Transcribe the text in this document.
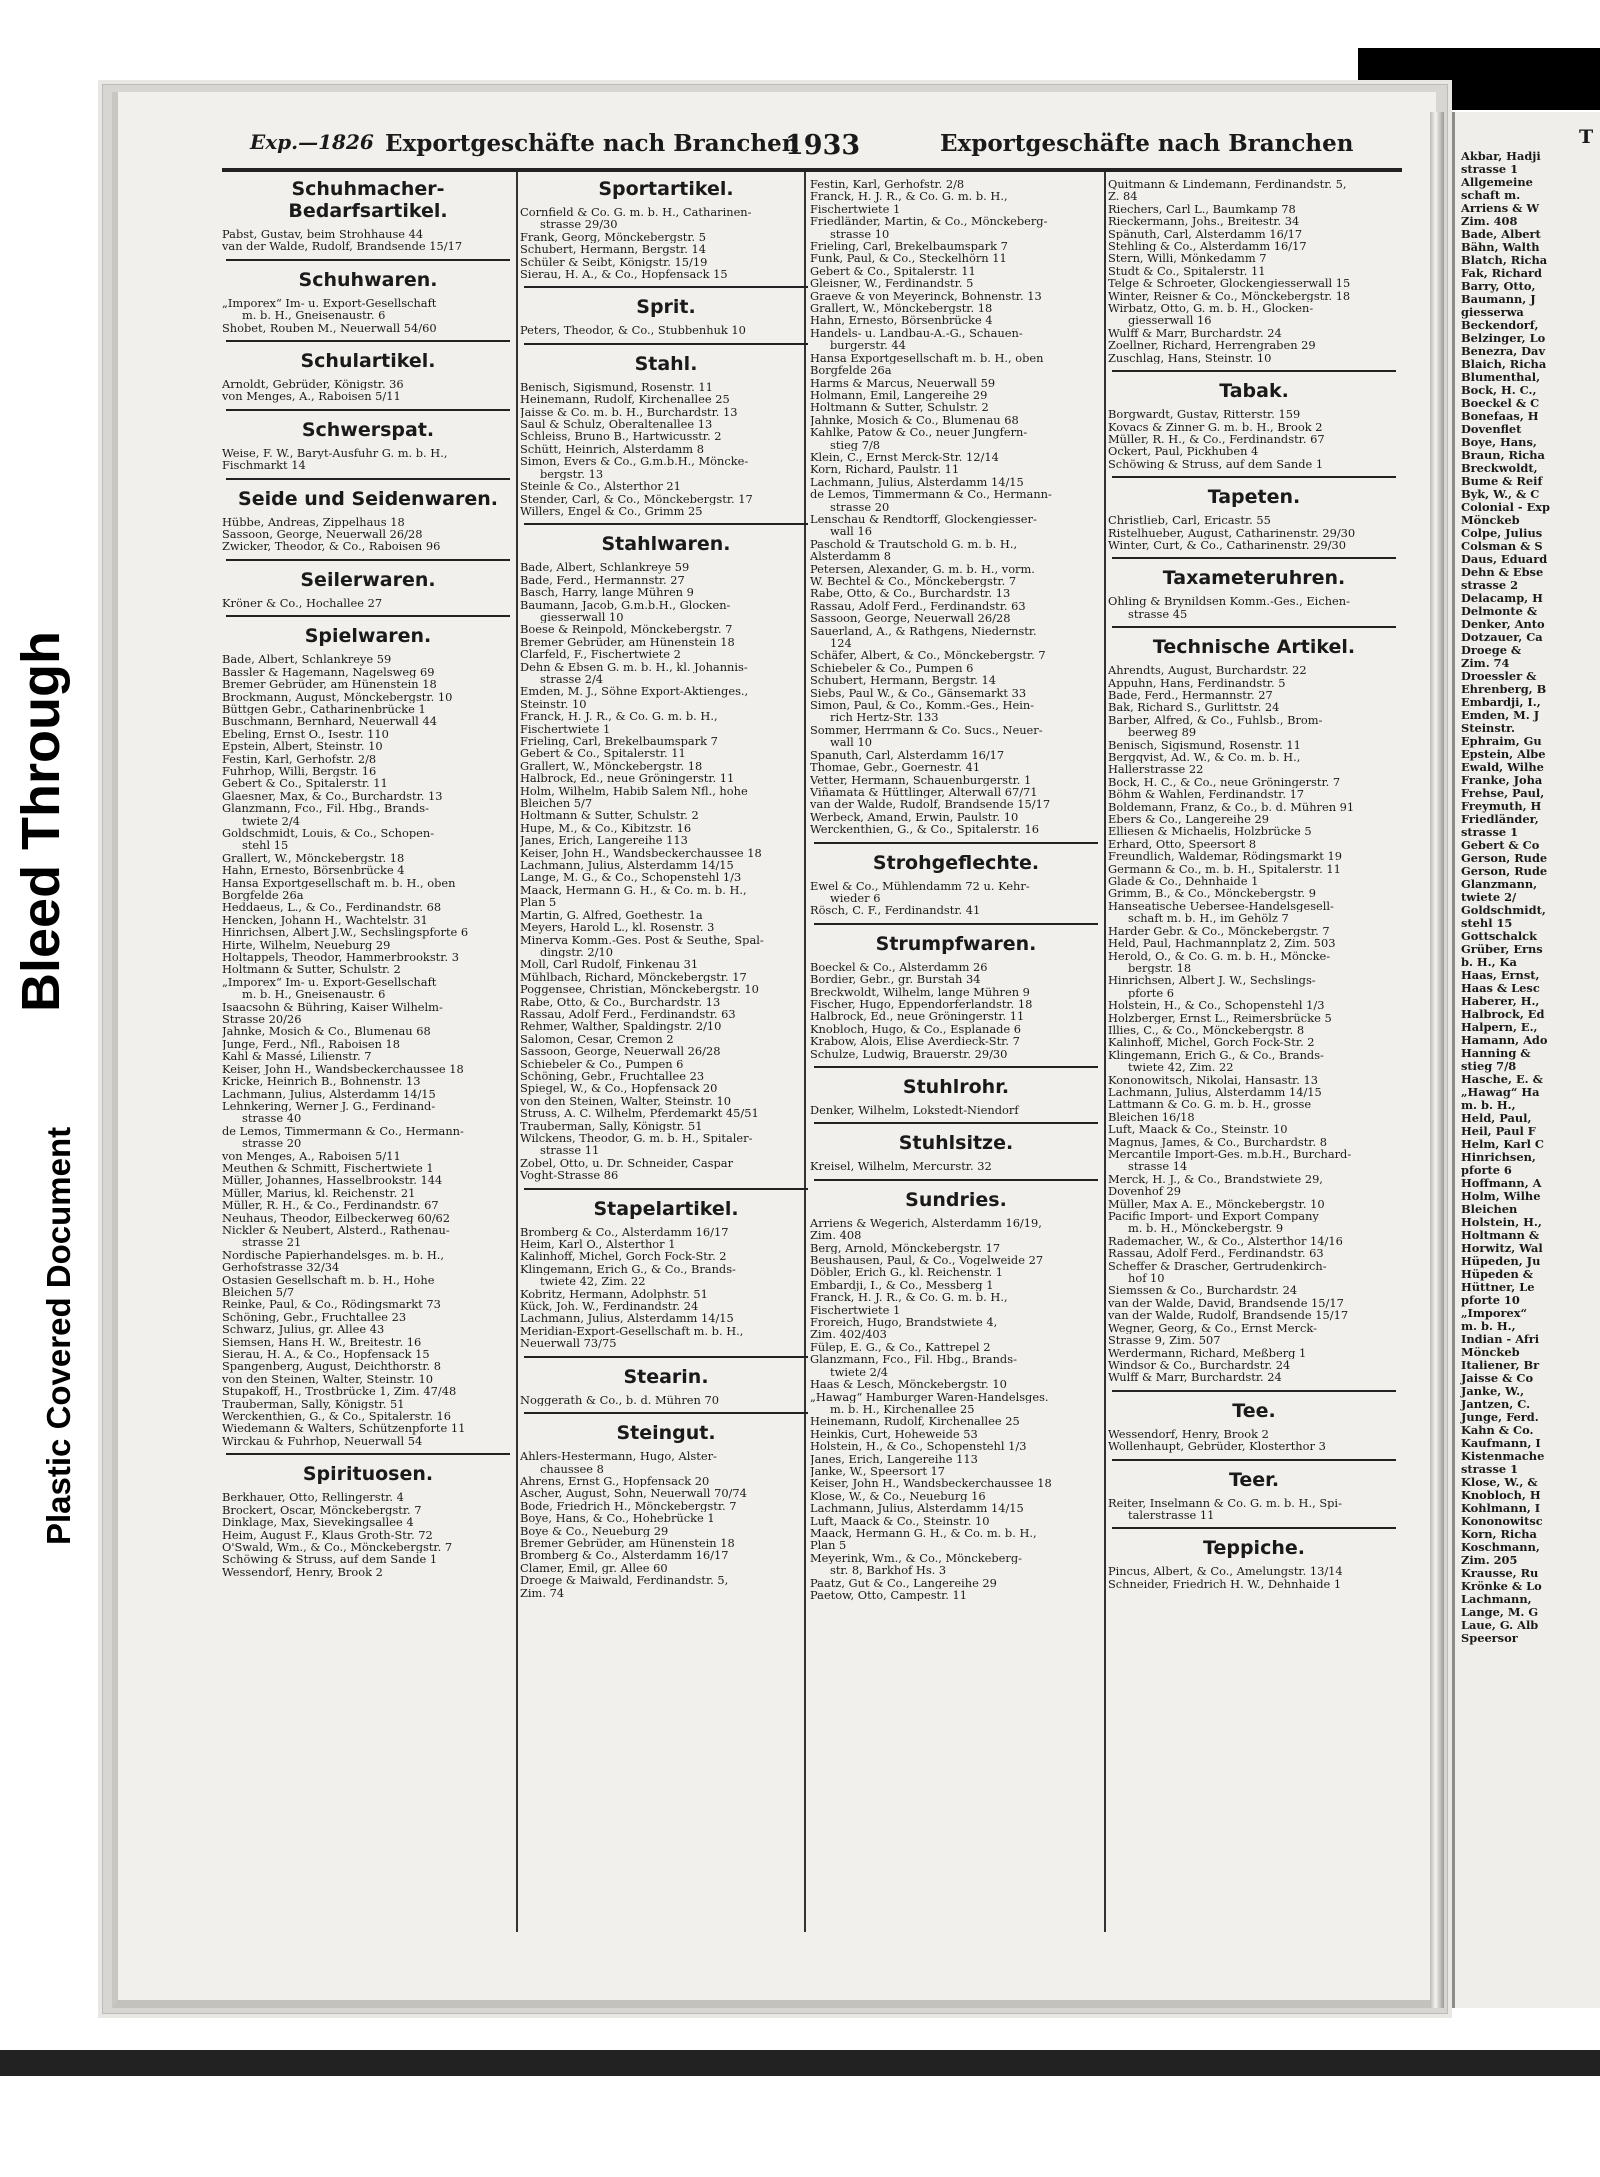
Bleed Through
Plastic Covered Document
T
Akbar, Hadji
strasse 1
Allgemeine
schaft m.
Arriens & W
Zim. 408
Bade, Albert
Bähn, Walth
Blatch, Richa
Fak, Richard
Barry, Otto,
Baumann, J
giesserwa
Beckendorf,
Belzinger, Lo
Benezra, Dav
Blaich, Richa
Blumenthal,
Bock, H. C.,
Boeckel & C
Bonefaas, H
Dovenflet
Boye, Hans,
Braun, Richa
Breckwoldt,
Bume & Reif
Byk, W., & C
Colonial - Exp
Mönckeb
Colpe, Julius
Colsman & S
Daus, Eduard
Dehn & Ebse
strasse 2
Delacamp, H
Delmonte &
Denker, Anto
Dotzauer, Ca
Droege &
Zim. 74
Droessler &
Ehrenberg, B
Embardji, I.,
Emden, M. J
Steinstr.
Ephraim, Gu
Epstein, Albe
Ewald, Wilhe
Franke, Joha
Frehse, Paul,
Freymuth, H
Friedländer,
strasse 1
Gebert & Co
Gerson, Rude
Gerson, Rude
Glanzmann,
twiete 2/
Goldschmidt,
stehl 15
Gottschalck
Grüber, Erns
b. H., Ka
Haas, Ernst,
Haas & Lesc
Haberer, H.,
Halbrock, Ed
Halpern, E.,
Hamann, Ado
Hanning &
stieg 7/8
Hasche, E. &
„Hawag“ Ha
m. b. H.,
Held, Paul,
Heil, Paul F
Helm, Karl C
Hinrichsen,
pforte 6
Hoffmann, A
Holm, Wilhe
Bleichen
Holstein, H.,
Holtmann &
Horwitz, Wal
Hüpeden, Ju
Hüpeden &
Hüttner, Le
pforte 10
„Imporex“
m. b. H.,
Indian - Afri
Mönckeb
Italiener, Br
Jaisse & Co
Janke, W.,
Jantzen, C.
Junge, Ferd.
Kahn & Co.
Kaufmann, I
Kistenmache
strasse 1
Klose, W., &
Knobloch, H
Kohlmann, I
Kononowitsc
Korn, Richa
Koschmann,
Zim. 205
Krausse, Ru
Krönke & Lo
Lachmann,
Lange, M. G
Laue, G. Alb
Speersor
Exp.—1826 Exportgeschäfte nach Branchen
1933	Exportgeschäfte nach Branchen
Schuhmacher-Bedarfsartikel.
Pabst, Gustav, beim Strohhause 44
van der Walde, Rudolf, Brandsende 15/17
Schuhwaren.
„Imporex“ Im- u. Export-Gesellschaft
m. b. H., Gneisenaustr. 6
Shobet, Rouben M., Neuerwall 54/60
Schulartikel.
Arnoldt, Gebrüder, Königstr. 36
von Menges, A., Raboisen 5/11
Schwerspat.
Weise, F. W., Baryt-Ausfuhr G. m. b. H.,
Fischmarkt 14
Seide und Seidenwaren.
Hübbe, Andreas, Zippelhaus 18
Sassoon, George, Neuerwall 26/28
Zwicker, Theodor, & Co., Raboisen 96
Seilerwaren.
Kröner & Co., Hochallee 27
Spielwaren.
Bade, Albert, Schlankreye 59
Bassler & Hagemann, Nagelsweg 69
Bremer Gebrüder, am Hünenstein 18
Brockmann, August, Mönckebergstr. 10
Büttgen Gebr., Catharinenbrücke 1
Buschmann, Bernhard, Neuerwall 44
Ebeling, Ernst O., Isestr. 110
Epstein, Albert, Steinstr. 10
Festin, Karl, Gerhofstr. 2/8
Fuhrhop, Willi, Bergstr. 16
Gebert & Co., Spitalerstr. 11
Glaesner, Max, & Co., Burchardstr. 13
Glanzmann, Fco., Fil. Hbg., Brands-
twiete 2/4
Goldschmidt, Louis, & Co., Schopen-
stehl 15
Grallert, W., Mönckebergstr. 18
Hahn, Ernesto, Börsenbrücke 4
Hansa Exportgesellschaft m. b. H., oben
Borgfelde 26a
Heddaeus, L., & Co., Ferdinandstr. 68
Hencken, Johann H., Wachtelstr. 31
Hinrichsen, Albert J.W., Sechslingspforte 6
Hirte, Wilhelm, Neueburg 29
Holtappels, Theodor, Hammerbrookstr. 3
Holtmann & Sutter, Schulstr. 2
„Imporex“ Im- u. Export-Gesellschaft
m. b. H., Gneisenaustr. 6
Isaacsohn & Bühring, Kaiser Wilhelm-
Strasse 20/26
Jahnke, Mosich & Co., Blumenau 68
Junge, Ferd., Nfl., Raboisen 18
Kahl & Massé, Lilienstr. 7
Keiser, John H., Wandsbeckerchaussee 18
Kricke, Heinrich B., Bohnenstr. 13
Lachmann, Julius, Alsterdamm 14/15
Lehnkering, Werner J. G., Ferdinand-
strasse 40
de Lemos, Timmermann & Co., Hermann-
strasse 20
von Menges, A., Raboisen 5/11
Meuthen & Schmitt, Fischertwiete 1
Müller, Johannes, Hasselbrookstr. 144
Müller, Marius, kl. Reichenstr. 21
Müller, R. H., & Co., Ferdinandstr. 67
Neuhaus, Theodor, Eilbeckerweg 60/62
Nickler & Neubert, Alsterd., Rathenau-
strasse 21
Nordische Papierhandelsges. m. b. H.,
Gerhofstrasse 32/34
Ostasien Gesellschaft m. b. H., Hohe
Bleichen 5/7
Reinke, Paul, & Co., Rödingsmarkt 73
Schöning, Gebr., Fruchtallee 23
Schwarz, Julius, gr. Allee 43
Siemsen, Hans H. W., Breitestr. 16
Sierau, H. A., & Co., Hopfensack 15
Spangenberg, August, Deichthorstr. 8
von den Steinen, Walter, Steinstr. 10
Stupakoff, H., Trostbrücke 1, Zim. 47/48
Trauberman, Sally, Königstr. 51
Werckenthien, G., & Co., Spitalerstr. 16
Wiedemann & Walters, Schützenpforte 11
Wirckau & Fuhrhop, Neuerwall 54
Spirituosen.
Berkhauer, Otto, Rellingerstr. 4
Brockert, Oscar, Mönckebergstr. 7
Dinklage, Max, Sievekingsallee 4
Heim, August F., Klaus Groth-Str. 72
O'Swald, Wm., & Co., Mönckebergstr. 7
Schöwing & Struss, auf dem Sande 1
Wessendorf, Henry, Brook 2
Sportartikel.
Cornfield & Co. G. m. b. H., Catharinen-
strasse 29/30
Frank, Georg, Mönckebergstr. 5
Schubert, Hermann, Bergstr. 14
Schüler & Seibt, Königstr. 15/19
Sierau, H. A., & Co., Hopfensack 15
Sprit.
Peters, Theodor, & Co., Stubbenhuk 10
Stahl.
Benisch, Sigismund, Rosenstr. 11
Heinemann, Rudolf, Kirchenallee 25
Jaisse & Co. m. b. H., Burchardstr. 13
Saul & Schulz, Oberaltenallee 13
Schleiss, Bruno B., Hartwicusstr. 2
Schütt, Heinrich, Alsterdamm 8
Simon, Evers & Co., G.m.b.H., Möncke-
bergstr. 13
Steinle & Co., Alsterthor 21
Stender, Carl, & Co., Mönckebergstr. 17
Willers, Engel & Co., Grimm 25
Stahlwaren.
Bade, Albert, Schlankreye 59
Bade, Ferd., Hermannstr. 27
Basch, Harry, lange Mühren 9
Baumann, Jacob, G.m.b.H., Glocken-
giesserwall 10
Boese & Reinpold, Mönckebergstr. 7
Bremer Gebrüder, am Hünenstein 18
Clarfeld, F., Fischertwiete 2
Dehn & Ebsen G. m. b. H., kl. Johannis-
strasse 2/4
Emden, M. J., Söhne Export-Aktienges.,
Steinstr. 10
Franck, H. J. R., & Co. G. m. b. H.,
Fischertwiete 1
Frieling, Carl, Brekelbaumspark 7
Gebert & Co., Spitalerstr. 11
Grallert, W., Mönckebergstr. 18
Halbrock, Ed., neue Gröningerstr. 11
Holm, Wilhelm, Habib Salem Nfl., hohe
Bleichen 5/7
Holtmann & Sutter, Schulstr. 2
Hupe, M., & Co., Kibitzstr. 16
Janes, Erich, Langereihe 113
Keiser, John H., Wandsbeckerchaussee 18
Lachmann, Julius, Alsterdamm 14/15
Lange, M. G., & Co., Schopenstehl 1/3
Maack, Hermann G. H., & Co. m. b. H.,
Plan 5
Martin, G. Alfred, Goethestr. 1a
Meyers, Harold L., kl. Rosenstr. 3
Minerva Komm.-Ges. Post & Seuthe, Spal-
dingstr. 2/10
Moll, Carl Rudolf, Finkenau 31
Mühlbach, Richard, Mönckebergstr. 17
Poggensee, Christian, Mönckebergstr. 10
Rabe, Otto, & Co., Burchardstr. 13
Rassau, Adolf Ferd., Ferdinandstr. 63
Rehmer, Walther, Spaldingstr. 2/10
Salomon, Cesar, Cremon 2
Sassoon, George, Neuerwall 26/28
Schiebeler & Co., Pumpen 6
Schöning, Gebr., Fruchtallee 23
Spiegel, W., & Co., Hopfensack 20
von den Steinen, Walter, Steinstr. 10
Struss, A. C. Wilhelm, Pferdemarkt 45/51
Trauberman, Sally, Königstr. 51
Wilckens, Theodor, G. m. b. H., Spitaler-
strasse 11
Zobel, Otto, u. Dr. Schneider, Caspar
Voght-Strasse 86
Stapelartikel.
Bromberg & Co., Alsterdamm 16/17
Heim, Karl O., Alsterthor 1
Kalinhoff, Michel, Gorch Fock-Str. 2
Klingemann, Erich G., & Co., Brands-
twiete 42, Zim. 22
Kobritz, Hermann, Adolphstr. 51
Kück, Joh. W., Ferdinandstr. 24
Lachmann, Julius, Alsterdamm 14/15
Meridian-Export-Gesellschaft m. b. H.,
Neuerwall 73/75
Stearin.
Noggerath & Co., b. d. Mühren 70
Steingut.
Ahlers-Hestermann, Hugo, Alster-
chaussee 8
Ahrens, Ernst G., Hopfensack 20
Ascher, August, Sohn, Neuerwall 70/74
Bode, Friedrich H., Mönckebergstr. 7
Boye, Hans, & Co., Hohebrücke 1
Boye & Co., Neueburg 29
Bremer Gebrüder, am Hünenstein 18
Bromberg & Co., Alsterdamm 16/17
Clamer, Emil, gr. Allee 60
Droege & Maiwald, Ferdinandstr. 5,
Zim. 74
Festin, Karl, Gerhofstr. 2/8
Franck, H. J. R., & Co. G. m. b. H.,
Fischertwiete 1
Friedländer, Martin, & Co., Mönckeberg-
strasse 10
Frieling, Carl, Brekelbaumspark 7
Funk, Paul, & Co., Steckelhörn 11
Gebert & Co., Spitalerstr. 11
Gleisner, W., Ferdinandstr. 5
Graeve & von Meyerinck, Bohnenstr. 13
Grallert, W., Mönckebergstr. 18
Hahn, Ernesto, Börsenbrücke 4
Handels- u. Landbau-A.-G., Schauen-
burgerstr. 44
Hansa Exportgesellschaft m. b. H., oben
Borgfelde 26a
Harms & Marcus, Neuerwall 59
Holmann, Emil, Langereihe 29
Holtmann & Sutter, Schulstr. 2
Jahnke, Mosich & Co., Blumenau 68
Kahlke, Patow & Co., neuer Jungfern-
stieg 7/8
Klein, C., Ernst Merck-Str. 12/14
Korn, Richard, Paulstr. 11
Lachmann, Julius, Alsterdamm 14/15
de Lemos, Timmermann & Co., Hermann-
strasse 20
Lenschau & Rendtorff, Glockengiesser-
wall 16
Paschold & Trautschold G. m. b. H.,
Alsterdamm 8
Petersen, Alexander, G. m. b. H., vorm.
W. Bechtel & Co., Mönckebergstr. 7
Rabe, Otto, & Co., Burchardstr. 13
Rassau, Adolf Ferd., Ferdinandstr. 63
Sassoon, George, Neuerwall 26/28
Sauerland, A., & Rathgens, Niedernstr.
124
Schäfer, Albert, & Co., Mönckebergstr. 7
Schiebeler & Co., Pumpen 6
Schubert, Hermann, Bergstr. 14
Siebs, Paul W., & Co., Gänsemarkt 33
Simon, Paul, & Co., Komm.-Ges., Hein-
rich Hertz-Str. 133
Sommer, Herrmann & Co. Sucs., Neuer-
wall 10
Spanuth, Carl, Alsterdamm 16/17
Thomae, Gebr., Goernestr. 41
Vetter, Hermann, Schauenburgerstr. 1
Viñamata & Hüttlinger, Alterwall 67/71
van der Walde, Rudolf, Brandsende 15/17
Werbeck, Amand, Erwin, Paulstr. 10
Werckenthien, G., & Co., Spitalerstr. 16
Strohgeflechte.
Ewel & Co., Mühlendamm 72 u. Kehr-
wieder 6
Rösch, C. F., Ferdinandstr. 41
Strumpfwaren.
Boeckel & Co., Alsterdamm 26
Bordier, Gebr., gr. Burstah 34
Breckwoldt, Wilhelm, lange Mühren 9
Fischer, Hugo, Eppendorferlandstr. 18
Halbrock, Ed., neue Gröningerstr. 11
Knobloch, Hugo, & Co., Esplanade 6
Krabow, Alois, Elise Averdieck-Str. 7
Schulze, Ludwig, Brauerstr. 29/30
Stuhlrohr.
Denker, Wilhelm, Lokstedt-Niendorf
Stuhlsitze.
Kreisel, Wilhelm, Mercurstr. 32
Sundries.
Arriens & Wegerich, Alsterdamm 16/19,
Zim. 408
Berg, Arnold, Mönckebergstr. 17
Beushausen, Paul, & Co., Vogelweide 27
Döbler, Erich G., kl. Reichenstr. 1
Embardji, I., & Co., Messberg 1
Franck, H. J. R., & Co. G. m. b. H.,
Fischertwiete 1
Froreich, Hugo, Brandstwiete 4,
Zim. 402/403
Fülep, E. G., & Co., Kattrepel 2
Glanzmann, Fco., Fil. Hbg., Brands-
twiete 2/4
Haas & Lesch, Mönckebergstr. 10
„Hawag“ Hamburger Waren-Handelsges.
m. b. H., Kirchenallee 25
Heinemann, Rudolf, Kirchenallee 25
Heinkis, Curt, Hoheweide 53
Holstein, H., & Co., Schopenstehl 1/3
Janes, Erich, Langereihe 113
Janke, W., Speersort 17
Keiser, John H., Wandsbeckerchaussee 18
Klose, W., & Co., Neueburg 16
Lachmann, Julius, Alsterdamm 14/15
Luft, Maack & Co., Steinstr. 10
Maack, Hermann G. H., & Co. m. b. H.,
Plan 5
Meyerink, Wm., & Co., Mönckeberg-
str. 8, Barkhof Hs. 3
Paatz, Gut & Co., Langereihe 29
Paetow, Otto, Campestr. 11
Quitmann & Lindemann, Ferdinandstr. 5,
Z. 84
Riechers, Carl L., Baumkamp 78
Rieckermann, Johs., Breitestr. 34
Spänuth, Carl, Alsterdamm 16/17
Stehling & Co., Alsterdamm 16/17
Stern, Willi, Mönkedamm 7
Studt & Co., Spitalerstr. 11
Telge & Schroeter, Glockengiesserwall 15
Winter, Reisner & Co., Mönckebergstr. 18
Wirbatz, Otto, G. m. b. H., Glocken-
giesserwall 16
Wulff & Marr, Burchardstr. 24
Zoellner, Richard, Herrengraben 29
Zuschlag, Hans, Steinstr. 10
Tabak.
Borgwardt, Gustav, Ritterstr. 159
Kovacs & Zinner G. m. b. H., Brook 2
Müller, R. H., & Co., Ferdinandstr. 67
Ockert, Paul, Pickhuben 4
Schöwing & Struss, auf dem Sande 1
Tapeten.
Christlieb, Carl, Ericastr. 55
Ristelhueber, August, Catharinenstr. 29/30
Winter, Curt, & Co., Catharinenstr. 29/30
Taxameteruhren.
Ohling & Brynildsen Komm.-Ges., Eichen-
strasse 45
Technische Artikel.
Ahrendts, August, Burchardstr. 22
Appuhn, Hans, Ferdinandstr. 5
Bade, Ferd., Hermannstr. 27
Bak, Richard S., Gurlittstr. 24
Barber, Alfred, & Co., Fuhlsb., Brom-
beerweg 89
Benisch, Sigismund, Rosenstr. 11
Bergqvist, Ad. W., & Co. m. b. H.,
Hallerstrasse 22
Bock, H. C., & Co., neue Gröningerstr. 7
Böhm & Wahlen, Ferdinandstr. 17
Boldemann, Franz, & Co., b. d. Mühren 91
Ebers & Co., Langereihe 29
Elliesen & Michaelis, Holzbrücke 5
Erhard, Otto, Speersort 8
Freundlich, Waldemar, Rödingsmarkt 19
Germann & Co., m. b. H., Spitalerstr. 11
Glade & Co., Dehnhaide 1
Grimm, B., & Co., Mönckebergstr. 9
Hanseatische Uebersee-Handelsgesell-
schaft m. b. H., im Gehölz 7
Harder Gebr. & Co., Mönckebergstr. 7
Held, Paul, Hachmannplatz 2, Zim. 503
Herold, O., & Co. G. m. b. H., Möncke-
bergstr. 18
Hinrichsen, Albert J. W., Sechslings-
pforte 6
Holstein, H., & Co., Schopenstehl 1/3
Holzberger, Ernst L., Reimersbrücke 5
Illies, C., & Co., Mönckebergstr. 8
Kalinhoff, Michel, Gorch Fock-Str. 2
Klingemann, Erich G., & Co., Brands-
twiete 42, Zim. 22
Kononowitsch, Nikolai, Hansastr. 13
Lachmann, Julius, Alsterdamm 14/15
Lattmann & Co. G. m. b. H., grosse
Bleichen 16/18
Luft, Maack & Co., Steinstr. 10
Magnus, James, & Co., Burchardstr. 8
Mercantile Import-Ges. m.b.H., Burchard-
strasse 14
Merck, H. J., & Co., Brandstwiete 29,
Dovenhof 29
Müller, Max A. E., Mönckebergstr. 10
Pacific Import- und Export Company
m. b. H., Mönckebergstr. 9
Rademacher, W., & Co., Alsterthor 14/16
Rassau, Adolf Ferd., Ferdinandstr. 63
Scheffer & Drascher, Gertrudenkirch-
hof 10
Siemssen & Co., Burchardstr. 24
van der Walde, David, Brandsende 15/17
van der Walde, Rudolf, Brandsende 15/17
Wegner, Georg, & Co., Ernst Merck-
Strasse 9, Zim. 507
Werdermann, Richard, Meßberg 1
Windsor & Co., Burchardstr. 24
Wulff & Marr, Burchardstr. 24
Tee.
Wessendorf, Henry, Brook 2
Wollenhaupt, Gebrüder, Klosterthor 3
Teer.
Reiter, Inselmann & Co. G. m. b. H., Spi-
talerstrasse 11
Teppiche.
Pincus, Albert, & Co., Amelungstr. 13/14
Schneider, Friedrich H. W., Dehnhaide 1
